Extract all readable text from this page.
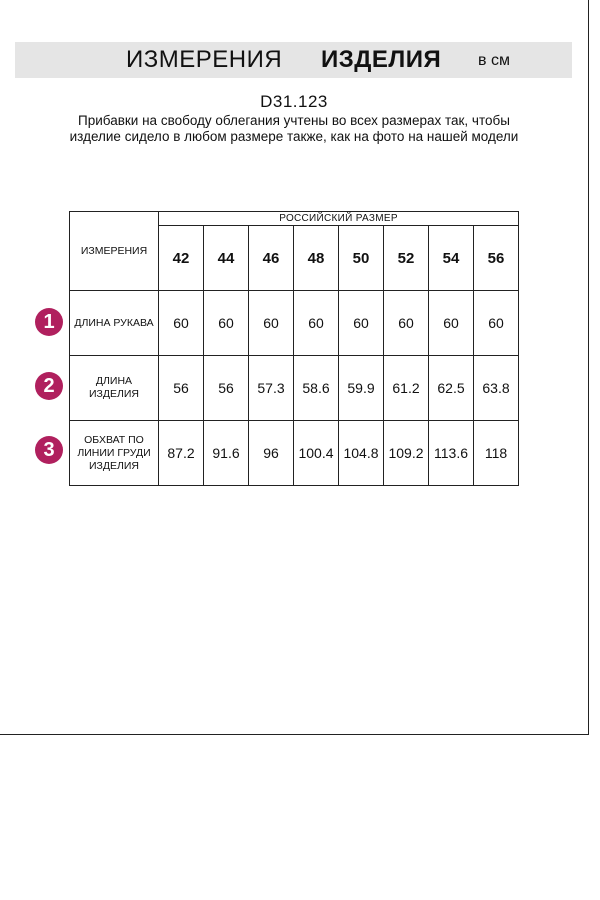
ИЗМЕРЕНИЯ ИЗДЕЛИЯ в см
D31.123
Прибавки на свободу облегания учтены во всех размерах так, чтобы изделие сидело в любом размере также, как на фото на нашей модели
ИЗМЕРЕНИЯ	РОССИЙСКИЙ РАЗМЕР							
	42	44	46	48	50	52	54	56
ДЛИНА РУКАВА	60	60	60	60	60	60	60	60

ДЛИНА ИЗДЕЛИЯ	56	56	57.3	58.6	59.9	61.2	62.5	63.8

ОБХВАТ ПО ЛИНИИ ГРУДИ ИЗДЕЛИЯ	87.2	91.6	96	100.4	104.8	109.2	113.6	118
1
2
3
